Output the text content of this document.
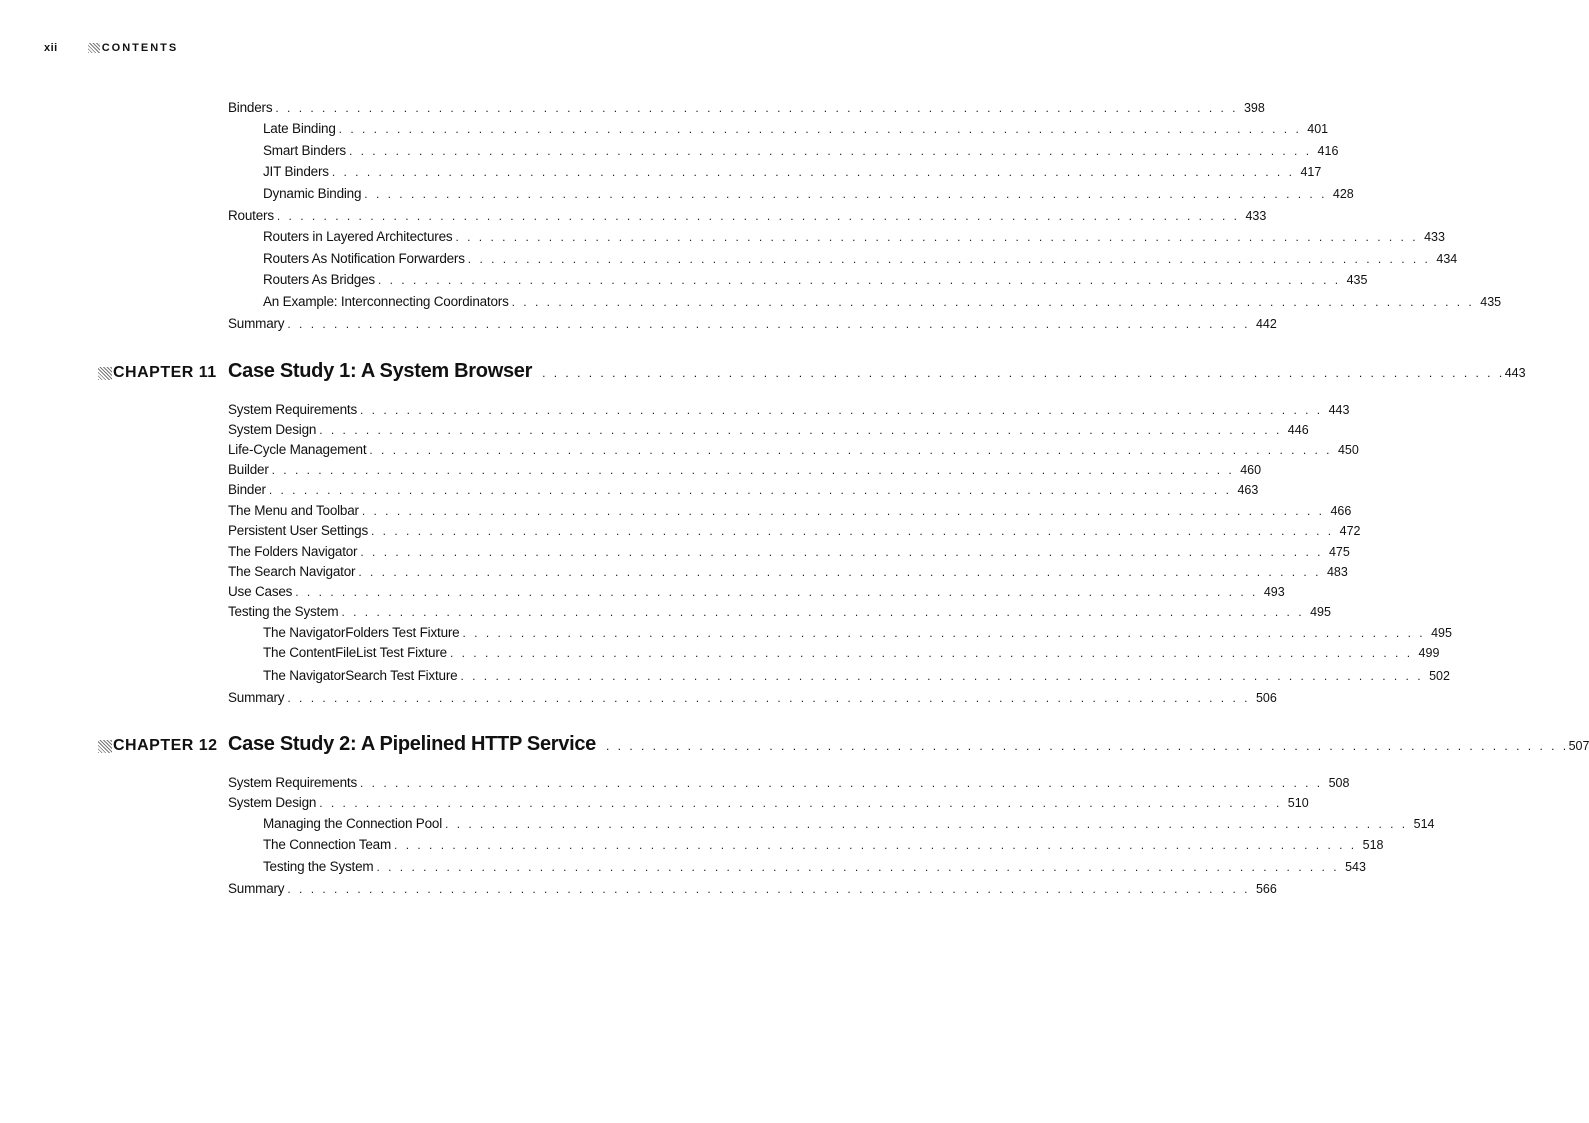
xii	CONTENTS
Binders . . . . . . . . . . . . . . . . . . . . . . . . . . . . . . . . . . . . . . . . . . . . . . . . . . . . . . . . . . . . . . . . . . . . . . . . . . . . . . . . . . . 398
Late Binding . . . . . . . . . . . . . . . . . . . . . . . . . . . . . . . . . . . . . . . . . . . . . . . . . . . . . . . . . . . . . . . . . . . . . . . . . . . . . . . . . . . 401
Smart Binders . . . . . . . . . . . . . . . . . . . . . . . . . . . . . . . . . . . . . . . . . . . . . . . . . . . . . . . . . . . . . . . . . . . . . . . . . . . . . . . . . . . 416
JIT Binders . . . . . . . . . . . . . . . . . . . . . . . . . . . . . . . . . . . . . . . . . . . . . . . . . . . . . . . . . . . . . . . . . . . . . . . . . . . . . . . . . . . 417
Dynamic Binding . . . . . . . . . . . . . . . . . . . . . . . . . . . . . . . . . . . . . . . . . . . . . . . . . . . . . . . . . . . . . . . . . . . . . . . . . . . . . . . . . . . 428
Routers . . . . . . . . . . . . . . . . . . . . . . . . . . . . . . . . . . . . . . . . . . . . . . . . . . . . . . . . . . . . . . . . . . . . . . . . . . . . . . . . . . . 433
Routers in Layered Architectures . . . . . . . . . . . . . . . . . . . . . . . . . . . . . . . . . . . . . . . . . . . . . . . . . . . . . . . . . . . . . . . . . . . . . . . . . . . . . . . . . . . 433
Routers As Notification Forwarders . . . . . . . . . . . . . . . . . . . . . . . . . . . . . . . . . . . . . . . . . . . . . . . . . . . . . . . . . . . . . . . . . . . . . . . . . . . . . . . . . . . 434
Routers As Bridges . . . . . . . . . . . . . . . . . . . . . . . . . . . . . . . . . . . . . . . . . . . . . . . . . . . . . . . . . . . . . . . . . . . . . . . . . . . . . . . . . . . 435
An Example: Interconnecting Coordinators . . . . . . . . . . . . . . . . . . . . . . . . . . . . . . . . . . . . . . . . . . . . . . . . . . . . . . . . . . . . . . . . . . . . . . . . . . . . . . . . . . . 435
Summary . . . . . . . . . . . . . . . . . . . . . . . . . . . . . . . . . . . . . . . . . . . . . . . . . . . . . . . . . . . . . . . . . . . . . . . . . . . . . . . . . . . 442
CHAPTER 11 Case Study 1: A System Browser . . . . . . . . . . . . . . . . . . . . . . . . . . . . . . . . . . . . . . . . . . . . . . . . . . . . . . . . . . . . . . . . . . . . . . . . . . . . . . . . . . . 443
System Requirements . . . . . . . . . . . . . . . . . . . . . . . . . . . . . . . . . . . . . . . . . . . . . . . . . . . . . . . . . . . . . . . . . . . . . . . . . . . . . . . . . . . 443
System Design . . . . . . . . . . . . . . . . . . . . . . . . . . . . . . . . . . . . . . . . . . . . . . . . . . . . . . . . . . . . . . . . . . . . . . . . . . . . . . . . . . . 446
Life-Cycle Management . . . . . . . . . . . . . . . . . . . . . . . . . . . . . . . . . . . . . . . . . . . . . . . . . . . . . . . . . . . . . . . . . . . . . . . . . . . . . . . . . . . 450
Builder . . . . . . . . . . . . . . . . . . . . . . . . . . . . . . . . . . . . . . . . . . . . . . . . . . . . . . . . . . . . . . . . . . . . . . . . . . . . . . . . . . . 460
Binder . . . . . . . . . . . . . . . . . . . . . . . . . . . . . . . . . . . . . . . . . . . . . . . . . . . . . . . . . . . . . . . . . . . . . . . . . . . . . . . . . . . 463
The Menu and Toolbar . . . . . . . . . . . . . . . . . . . . . . . . . . . . . . . . . . . . . . . . . . . . . . . . . . . . . . . . . . . . . . . . . . . . . . . . . . . . . . . . . . . 466
Persistent User Settings . . . . . . . . . . . . . . . . . . . . . . . . . . . . . . . . . . . . . . . . . . . . . . . . . . . . . . . . . . . . . . . . . . . . . . . . . . . . . . . . . . . 472
The Folders Navigator . . . . . . . . . . . . . . . . . . . . . . . . . . . . . . . . . . . . . . . . . . . . . . . . . . . . . . . . . . . . . . . . . . . . . . . . . . . . . . . . . . . 475
The Search Navigator . . . . . . . . . . . . . . . . . . . . . . . . . . . . . . . . . . . . . . . . . . . . . . . . . . . . . . . . . . . . . . . . . . . . . . . . . . . . . . . . . . . 483
Use Cases . . . . . . . . . . . . . . . . . . . . . . . . . . . . . . . . . . . . . . . . . . . . . . . . . . . . . . . . . . . . . . . . . . . . . . . . . . . . . . . . . . . 493
Testing the System . . . . . . . . . . . . . . . . . . . . . . . . . . . . . . . . . . . . . . . . . . . . . . . . . . . . . . . . . . . . . . . . . . . . . . . . . . . . . . . . . . . 495
The NavigatorFolders Test Fixture . . . . . . . . . . . . . . . . . . . . . . . . . . . . . . . . . . . . . . . . . . . . . . . . . . . . . . . . . . . . . . . . . . . . . . . . . . . . . . . . . . . 495
The ContentFileList Test Fixture . . . . . . . . . . . . . . . . . . . . . . . . . . . . . . . . . . . . . . . . . . . . . . . . . . . . . . . . . . . . . . . . . . . . . . . . . . . . . . . . . . . 499
The NavigatorSearch Test Fixture . . . . . . . . . . . . . . . . . . . . . . . . . . . . . . . . . . . . . . . . . . . . . . . . . . . . . . . . . . . . . . . . . . . . . . . . . . . . . . . . . . . 502
Summary . . . . . . . . . . . . . . . . . . . . . . . . . . . . . . . . . . . . . . . . . . . . . . . . . . . . . . . . . . . . . . . . . . . . . . . . . . . . . . . . . . . 506
CHAPTER 12 Case Study 2: A Pipelined HTTP Service . . . . . . . . . . . . . . . . . . . . . . . . . . . . . . . . . . . . . . . . . . . . . . . . . . . . . . . . . . . . . . . . . . . . . . . . . . . . . . . . . . . 507
System Requirements . . . . . . . . . . . . . . . . . . . . . . . . . . . . . . . . . . . . . . . . . . . . . . . . . . . . . . . . . . . . . . . . . . . . . . . . . . . . . . . . . . . 508
System Design . . . . . . . . . . . . . . . . . . . . . . . . . . . . . . . . . . . . . . . . . . . . . . . . . . . . . . . . . . . . . . . . . . . . . . . . . . . . . . . . . . . 510
Managing the Connection Pool . . . . . . . . . . . . . . . . . . . . . . . . . . . . . . . . . . . . . . . . . . . . . . . . . . . . . . . . . . . . . . . . . . . . . . . . . . . . . . . . . . . 514
The Connection Team . . . . . . . . . . . . . . . . . . . . . . . . . . . . . . . . . . . . . . . . . . . . . . . . . . . . . . . . . . . . . . . . . . . . . . . . . . . . . . . . . . . 518
Testing the System . . . . . . . . . . . . . . . . . . . . . . . . . . . . . . . . . . . . . . . . . . . . . . . . . . . . . . . . . . . . . . . . . . . . . . . . . . . . . . . . . . . 543
Summary . . . . . . . . . . . . . . . . . . . . . . . . . . . . . . . . . . . . . . . . . . . . . . . . . . . . . . . . . . . . . . . . . . . . . . . . . . . . . . . . . . . 566
